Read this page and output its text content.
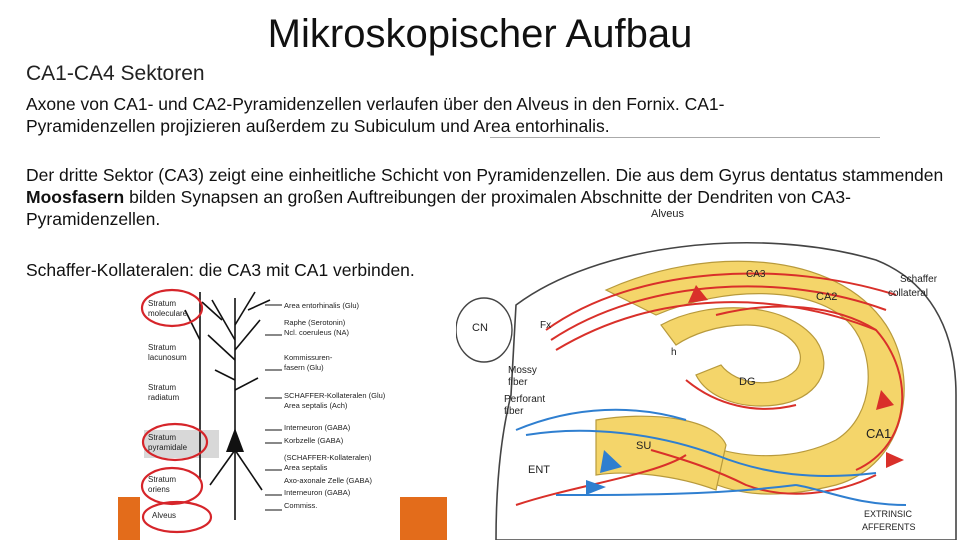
Mikroskopischer Aufbau
CA1-CA4 Sektoren
Axone von CA1- und CA2-Pyramidenzellen verlaufen über den Alveus in den Fornix. CA1-Pyramidenzellen projizieren außerdem zu Subiculum und Area entorhinalis.
Der dritte Sektor (CA3) zeigt eine einheitliche Schicht von Pyramidenzellen. Die aus dem Gyrus dentatus stammenden Moosfasern bilden Synapsen an großen Auftreibungen der proximalen Abschnitte der Dendriten von CA3-Pyramidenzellen.
Schaffer-Kollateralen: die CA3 mit CA1 verbinden.
Stratum
moleculare
Stratum
lacunosum
Stratum
radiatum
Stratum
pyramidale
Stratum
oriens
Alveus
Area entorhinalis (Glu)
Raphe (Serotonin)
Ncl. coeruleus (NA)
Kommissuren-
fasern (Glu)
SCHAFFER-Kollateralen (Glu)
Area septalis (Ach)
Interneuron (GABA)
Korbzelle (GABA)
(SCHAFFER-Kollateralen)
Area septalis
Axo-axonale Zelle (GABA)
Interneuron (GABA)
Commiss.
Alveus
CA3
CA2
CA1
Schaffer
collateral
CN	Fx
h
DG
Mossy
fiber
Perforant
fiber
SU
ENT
EXTRINSIC
AFFERENTS
